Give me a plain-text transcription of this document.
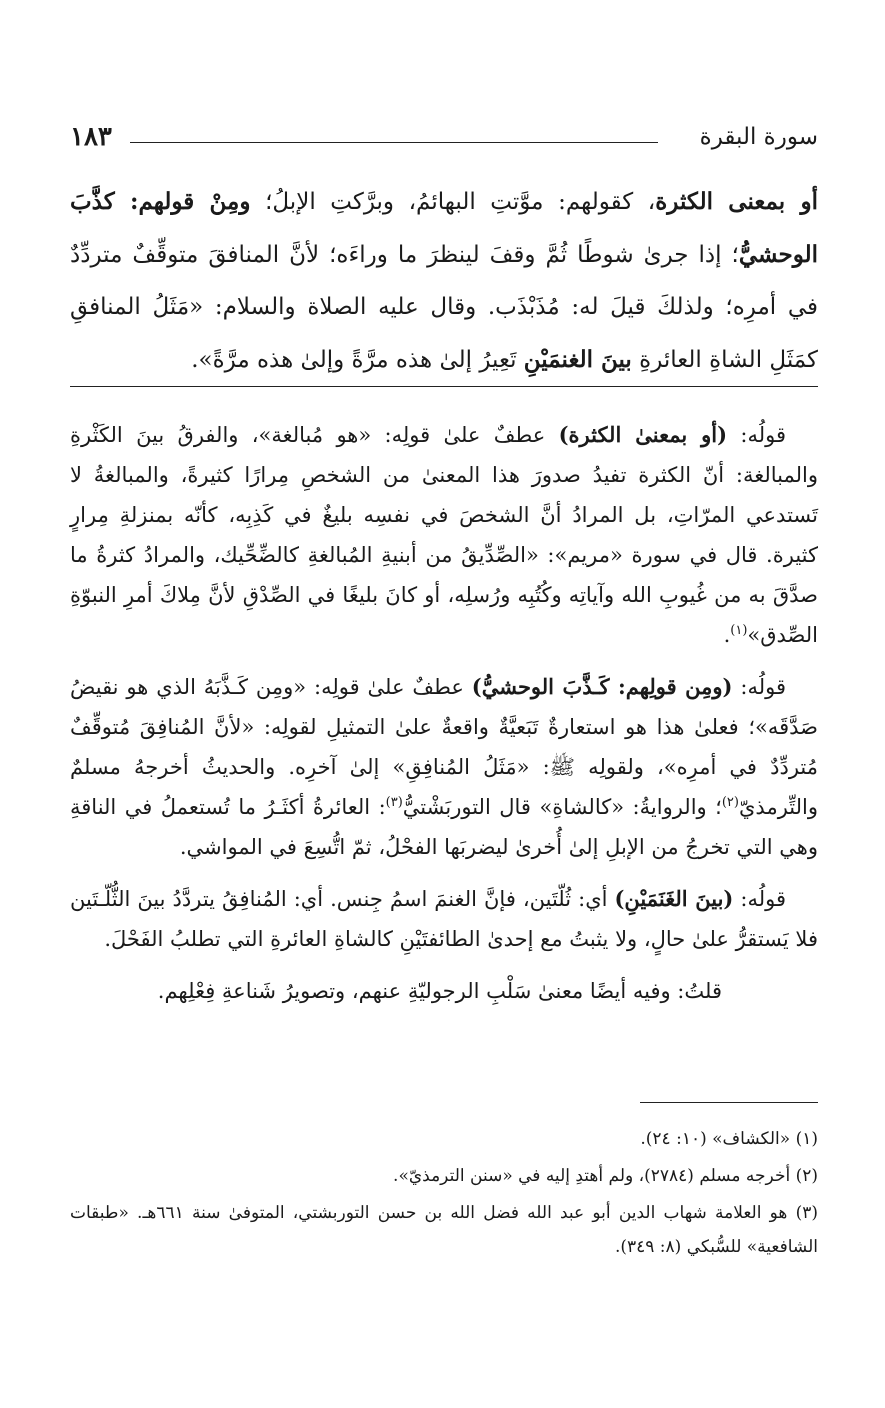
سورة البقرة
١٨٣
أو بمعنى الكثرة، كقولهم: موَّتتِ البهائمُ، وبرَّكتِ الإبلُ؛ ومِنْ قولهم: كذَّبَ الوحشيُّ؛ إذا جرىٰ شوطًا ثُمَّ وقفَ لينظرَ ما وراءَه؛ لأنَّ المنافقَ متوقِّفٌ متردِّدٌ في أمرِه؛ ولذلكَ قيلَ له: مُذَبْذَب. وقال عليه الصلاة والسلام: «مَثَلُ المنافقِ كمَثَلِ الشاةِ العائرةِ بينَ الغنمَيْنِ تَعِيرُ إلىٰ هذه مرَّةً وإلىٰ هذه مرَّةً».

قولُه: (أو بمعنىٰ الكثرة) عطفٌ علىٰ قولِه: «هو مُبالغة»، والفرقُ بينَ الكَثْرةِ والمبالغة: أنّ الكثرة تفيدُ صدورَ هذا المعنىٰ من الشخصِ مِرارًا كثيرةً، والمبالغةُ لا تَستدعي المرّاتِ، بل المرادُ أنَّ الشخصَ في نفسِه بليغٌ في كَذِبِه، كأنّه بمنزلةِ مِرارٍ كثيرة. قال في سورة «مريم»: «الصِّدِّيقُ من أبنيةِ المُبالغةِ كالضِّحِّيك، والمرادُ كثرةُ ما صدَّقَ به من غُيوبِ الله وآياتِه وكُتُبِه ورُسلِه، أو كانَ بليغًا في الصِّدْقِ لأنَّ مِلاكَ أمرِ النبوّةِ الصِّدق»$^{(١)}$.

قولُه: (ومِن قولِهم: كَـذَّبَ الوحشيُّ) عطفٌ علىٰ قولِه: «ومِن كَـذَّبَهُ الذي هو نقيضُ صَدَّقَه»؛ فعلىٰ هذا هو استعارةٌ تَبَعيَّةٌ واقعةٌ علىٰ التمثيلِ لقولِه: «لأنَّ المُنافِقَ مُتوقِّفٌ مُتردِّدٌ في أمرِه»، ولقولِه ﷺ: «مَثَلُ المُنافِقِ» إلىٰ آخرِه. والحديثُ أخرجهُ مسلمٌ والتِّرمذيّ$^{(٢)}$؛ والروايةُ: «كالشاةِ» قال التوربَشْتيُّ$^{(٣)}$: العائرةُ أكثَـرُ ما تُستعملُ في الناقةِ وهي التي تخرجُ من الإبلِ إلىٰ أُخرىٰ ليضربَها الفحْلُ، ثمّ اتُّسِعَ في المواشي.

قولُه: (بينَ الغَنَمَيْنِ) أي: ثُلّتَين، فإنَّ الغنمَ اسمُ جِنس. أي: المُنافِقُ يتردَّدُ بينَ الثُّلّـتَين فلا يَستقرُّ علىٰ حالٍ، ولا يثبتُ مع إحدىٰ الطائفتَيْنِ كالشاةِ العائرةِ التي تطلبُ الفَحْلَ.

قلتُ: وفيه أيضًا معنىٰ سَلْبِ الرجوليّةِ عنهم، وتصويرُ شَناعةِ فِعْلِهم.

(١) «الكشاف» (١٠: ٢٤).
(٢) أخرجه مسلم (٢٧٨٤)، ولم أهتدِ إليه في «سنن الترمذيّ».
(٣) هو العلامة شهاب الدين أبو عبد الله فضل الله بن حسن التوربشتي، المتوفىٰ سنة ٦٦١هـ. «طبقات الشافعية» للسُّبكي (٨: ٣٤٩).
